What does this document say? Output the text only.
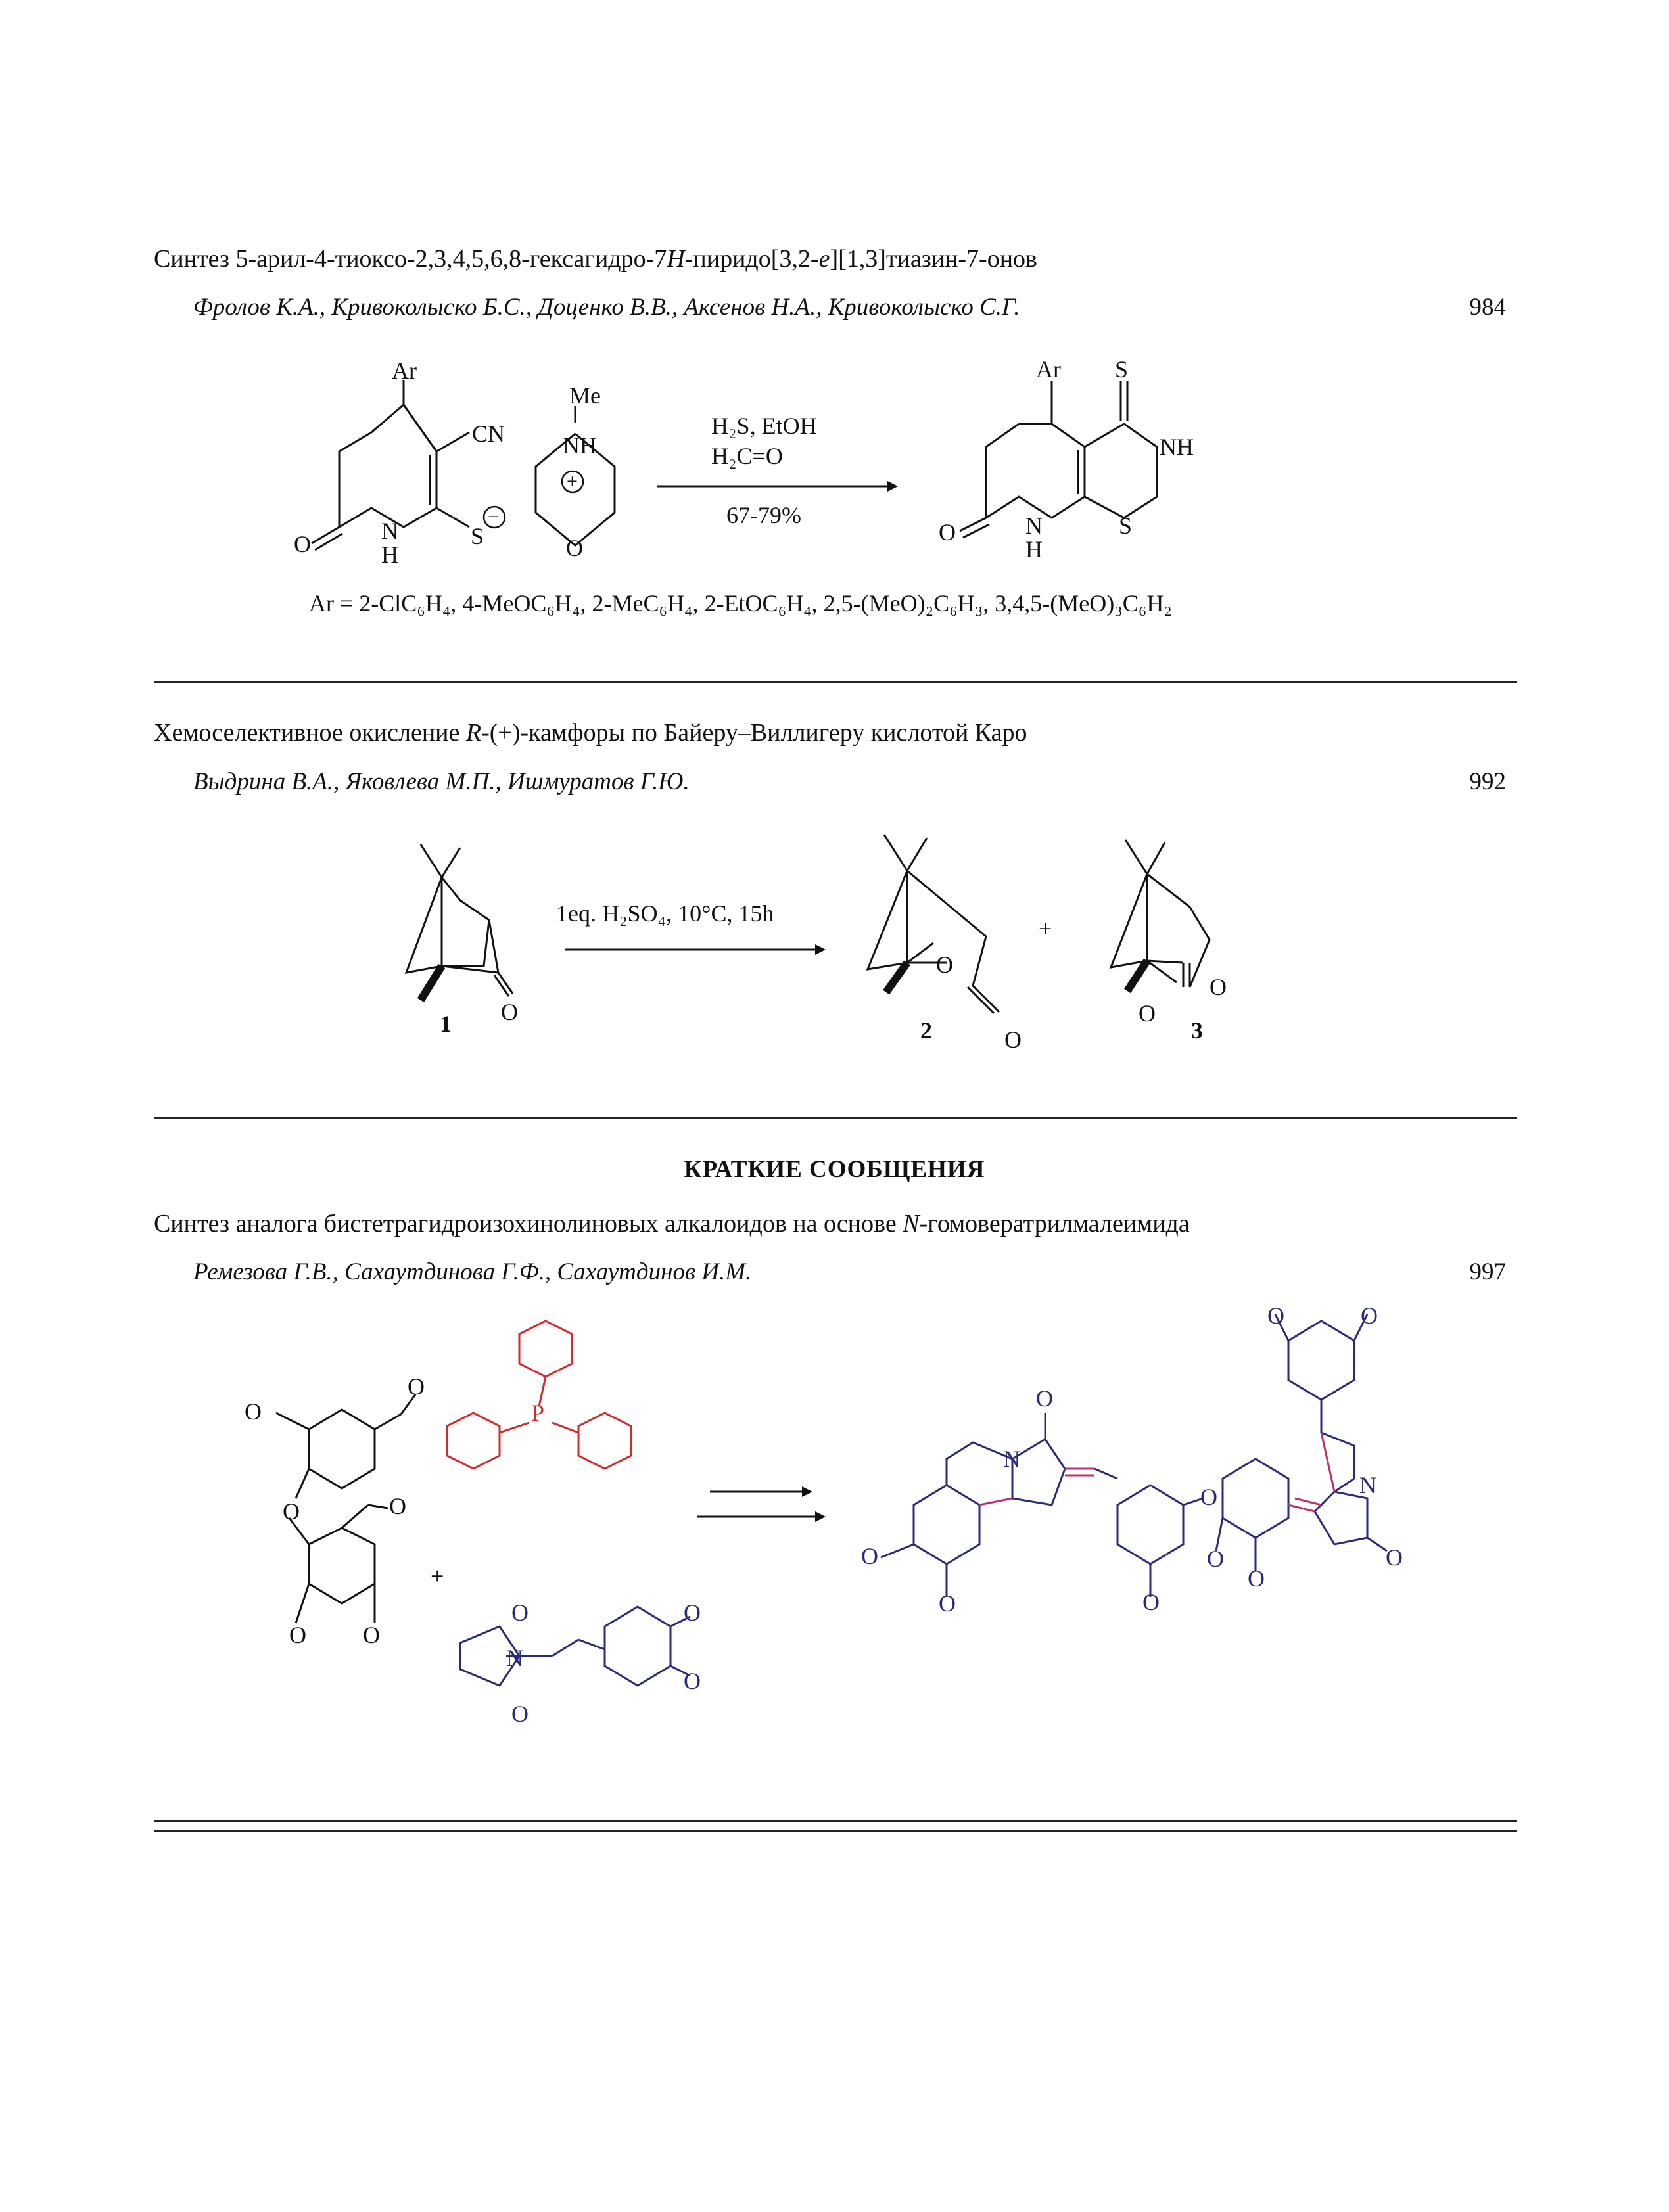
Синтез 5-арил-4-тиоксо-2,3,4,5,6,8-гексагидро-7H-пиридо[3,2-e][1,3]тиазин-7-онов
Фролов К.А., Кривоколыско Б.С., Доценко В.В., Аксенов Н.А., Кривоколыско С.Г.	984
Ar
CN
Me
NH
O
O	N
H
S
H₂S, EtOH
H₂C=O
67-79%
Ar S
NH
O	N
H
S
Ar = 2-ClC₆H₄, 4-MeOC₆H₄, 2-MeC₆H₄, 2-EtOC₆H₄, 2,5-(MeO)₂C₆H₃, 3,4,5-(MeO)₃C₆H₂
+
−
Хемоселективное окисление R-(+)-камфоры по Байеру–Виллигеру кислотой Каро
Выдрина В.А., Яковлева М.П., Ишмуратов Г.Ю.	992
1eq. H₂SO₄, 10°C, 15h
+
O
O
O
O
O
1	2	3
КРАТКИЕ СООБЩЕНИЯ
Синтез аналога бистетрагидроизохинолиновых алкалоидов на основе N-гомовератрилмалеимида
Ремезова Г.В., Сахаутдинова Г.Ф., Сахаутдинов И.М.	997
+
O
O
O
O
O O
P
N
O
O
O
O
N
O
O
O
O
O
O
O
O	O
N
O
